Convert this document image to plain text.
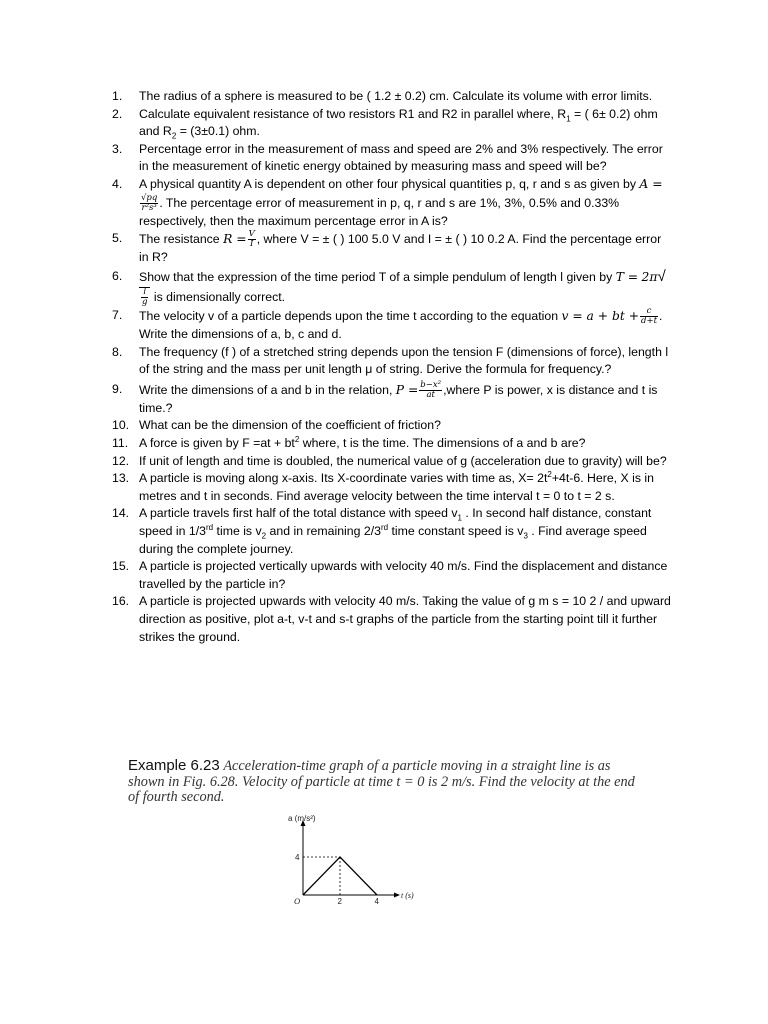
1. The radius of a sphere is measured to be ( 1.2 ± 0.2) cm. Calculate its volume with error limits.
2. Calculate equivalent resistance of two resistors R1 and R2 in parallel where, $R_1$ = ( 6± 0.2) ohm and $R_2 = (3\pm 0.1)$ ohm.
3. Percentage error in the measurement of mass and speed are 2% and 3% respectively. The error in the measurement of kinetic energy obtained by measuring mass and speed will be?
4. A physical quantity A is dependent on other four physical quantities p, q, r and s as given by A =
$\frac{√pq}{\text{r²s³}}$ . The percentage error of measurement in p, q, r and s are 1%, 3%, 0.5% and 0.33% respectively, then the maximum percentage error in A is?
5. The resistance $R = \frac{V}{I}$ , where V = ± ( ) 100 5.0 V and I = ± ( ) 10 0.2 A. Find the percentage error in R?
6. Show that the expression of the time period T of a simple pendulum of length l given by T = 2π√
$\frac{l}{g}$ is dimensionally correct.
7. The velocity v of a particle depends upon the time t according to the equation v = a + bt + $\frac{c}{d+t}$ . Write the dimensions of a, b, c and d.
8. The frequency (f ) of a stretched string depends upon the tension F (dimensions of force), length l of the string and the mass per unit length μ of string. Derive the formula for frequency.?
9. Write the dimensions of a and b in the relation, $P = \frac{\text{b−x²}}{at}$ ,where P is power, x is distance and t is time.?
10. What can be the dimension of the coefficient of friction?
11. A force is given by $F =at + bt^2$ where, t is the time. The dimensions of a and b are?
12. If unit of length and time is doubled, the numerical value of g (acceleration due to gravity) will be?
13. A particle is moving along x-axis. Its X-coordinate varies with time as, $X= 2t^2+4t-6$. Here, X is in metres and t in seconds. Find average velocity between the time interval t = 0 to t = 2 s.
14. A particle travels first half of the total distance with speed $v_1$ . In second half distance, constant speed in 1/3rd time is $v_2$ and in remaining 2/3rd time constant speed is $v_3$ . Find average speed during the complete journey.
15. A particle is projected vertically upwards with velocity 40 m/s. Find the displacement and distance travelled by the particle in?
16. A particle is projected upwards with velocity 40 m/s. Taking the value of g m s = 10 2 / and upward direction as positive, plot a-t, v-t and s-t graphs of the particle from the starting point till it further strikes the ground.
Example 6.23 Acceleration-time graph of a particle moving in a straight line is as shown in Fig. 6.28. Velocity of particle at time t = 0 is 2 m/s. Find the velocity at the end of fourth second.
2	4
4
a (m/s²)
t (s)
O
